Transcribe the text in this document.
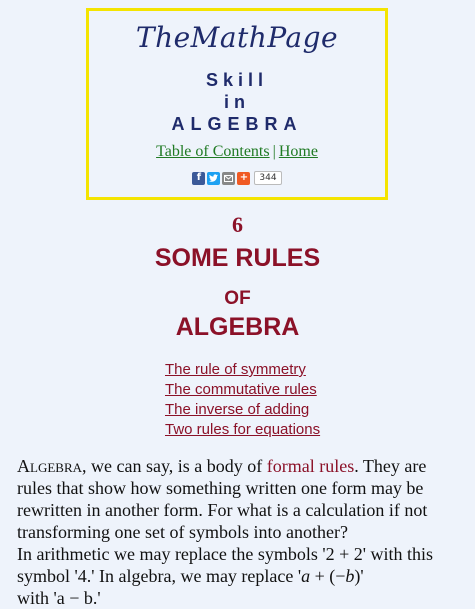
TheMathPage
Skill
in
ALGEBRA
Table of Contents | Home
f	+	344
6
SOME RULES
OF
ALGEBRA
The rule of symmetry
The commutative rules
The inverse of adding
Two rules for equations

Algebra, we can say, is a body of formal rules. They are rules that show how something written one form may be rewritten in another form. For what is a calculation if not transforming one set of symbols into another?

In arithmetic we may replace the symbols '2 + 2' with this symbol '4.' In algebra, we may replace 'a + (−b)'
with 'a − b.'
